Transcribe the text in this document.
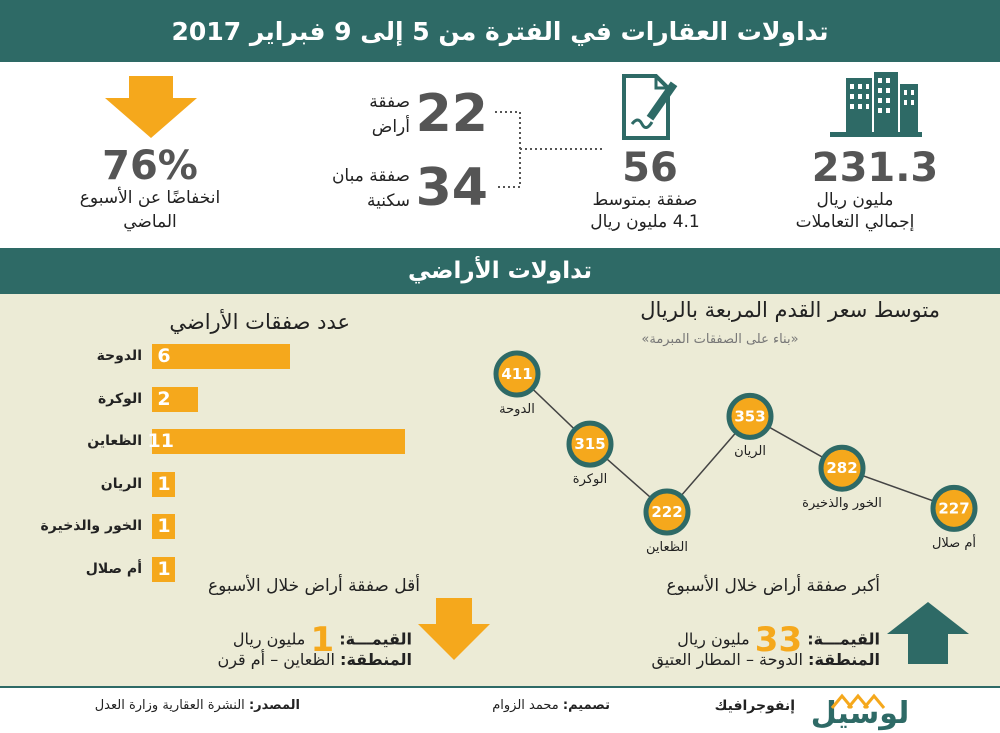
تداولات العقارات في الفترة من 5 إلى 9 فبراير 2017
231.3
مليون ريال
إجمالي التعاملات
56
صفقة بمتوسط
4.1 مليون ريال
22
صفقة
أراض
34
صفقة مبان
سكنية
76%
انخفاضًا عن الأسبوع
الماضي
تداولات الأراضي
متوسط سعر القدم المربعة بالريال
«بناء على الصفقات المبرمة»
411
315
222
353
282
227
عدد صفقات الأراضي
الدوحة 6
الوكرة 2
الظعاين 11
الريان 1
الخور والذخيرة 1
أم صلال 1
أكبر صفقة أراض خلال الأسبوع
القيمـــة: 33 مليون ريال
المنطقة: الدوحة – المطار العتيق
أقل صفقة أراض خلال الأسبوع
القيمـــة: 1 مليون ريال
المنطقة: الظعاين – أم قرن
الدوحة
الوكرة
الظعاين
الريان
الخور والذخيرة
أم صلال
لوسيل
إنفوجرافيك
تصميم: محمد الزوام
المصدر: النشرة العقارية وزارة العدل
